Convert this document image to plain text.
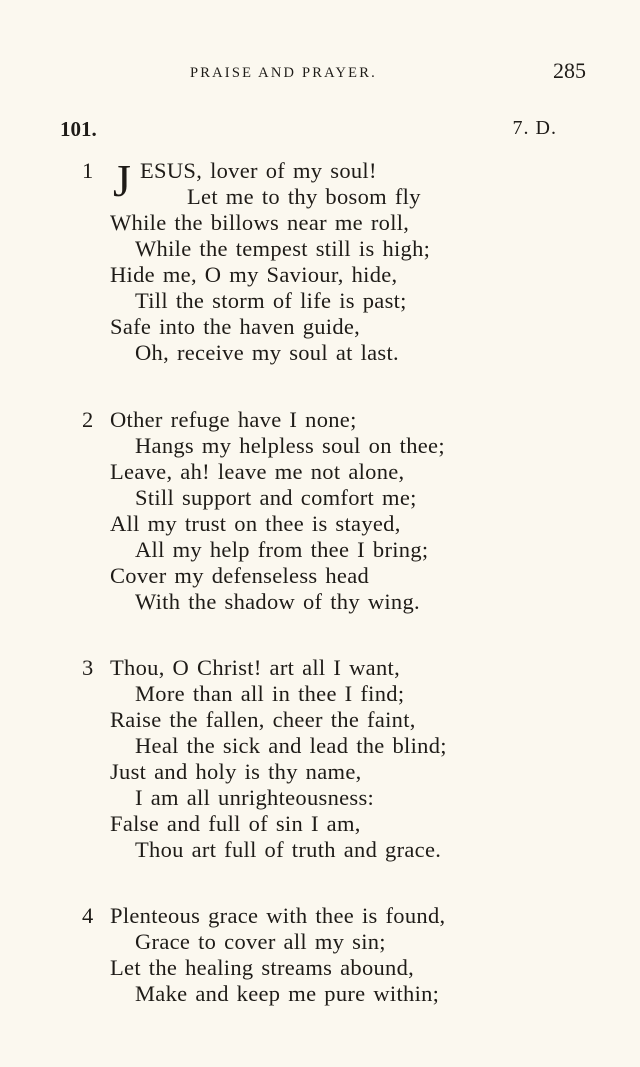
PRAISE AND PRAYER.	285
101.	7. D.
1 J ESUS, lover of my soul!
Let me to thy bosom fly
While the billows near me roll,
While the tempest still is high;
Hide me, O my Saviour, hide,
Till the storm of life is past;
Safe into the haven guide,
Oh, receive my soul at last.
2 Other refuge have I none;
Hangs my helpless soul on thee;
Leave, ah! leave me not alone,
Still support and comfort me;
All my trust on thee is stayed,
All my help from thee I bring;
Cover my defenseless head
With the shadow of thy wing.
3 Thou, O Christ! art all I want,
More than all in thee I find;
Raise the fallen, cheer the faint,
Heal the sick and lead the blind;
Just and holy is thy name,
I am all unrighteousness:
False and full of sin I am,
Thou art full of truth and grace.
4 Plenteous grace with thee is found,
Grace to cover all my sin;
Let the healing streams abound,
Make and keep me pure within;
